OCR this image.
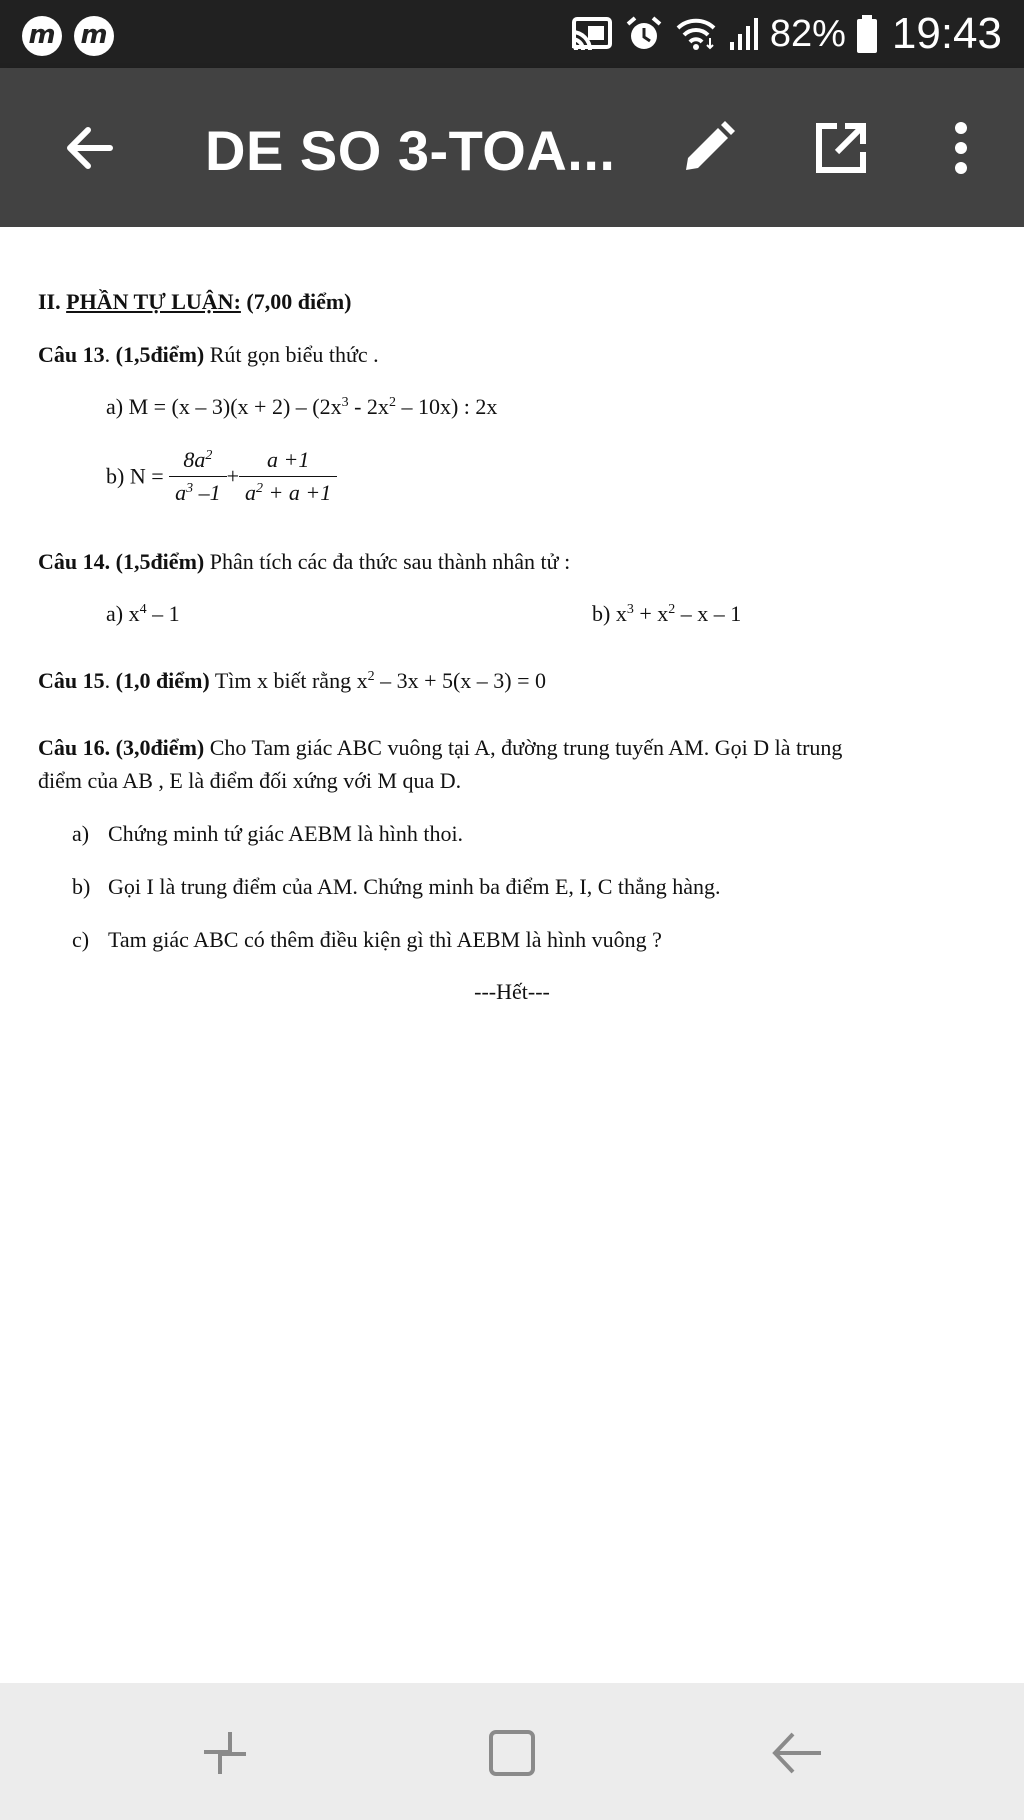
m m	82% 19:43
DE SO 3-TOA...
II. PHẦN TỰ LUẬN: (7,00 điểm)
Câu 13. (1,5điểm) Rút gọn biểu thức .
a) $M = (x - 3)(x + 2) - (2x^3 - 2x^2 - 10x)$ : 2x
b) $N = \frac{8a^2}{a^3 -1} + \frac{a +1}{a^2 + a +1}$
Câu 14. (1,5điểm) Phân tích các đa thức sau thành nhân tử :
a) $x^4 - 1$	b) $x^3 + x^2 - x - 1$
Câu 15. (1,0 điểm) Tìm x biết rằng $x^2 - 3x + 5(x - 3) = 0$
Câu 16. (3,0điểm) Cho Tam giác ABC vuông tại A, đường trung tuyến AM. Gọi D là trung
điểm của AB , E là điểm đối xứng với M qua D.
a) Chứng minh tứ giác AEBM là hình thoi.
b) Gọi I là trung điểm của AM. Chứng minh ba điểm E, I, C thẳng hàng.
c) Tam giác ABC có thêm điều kiện gì thì AEBM là hình vuông ?
---Hết---
